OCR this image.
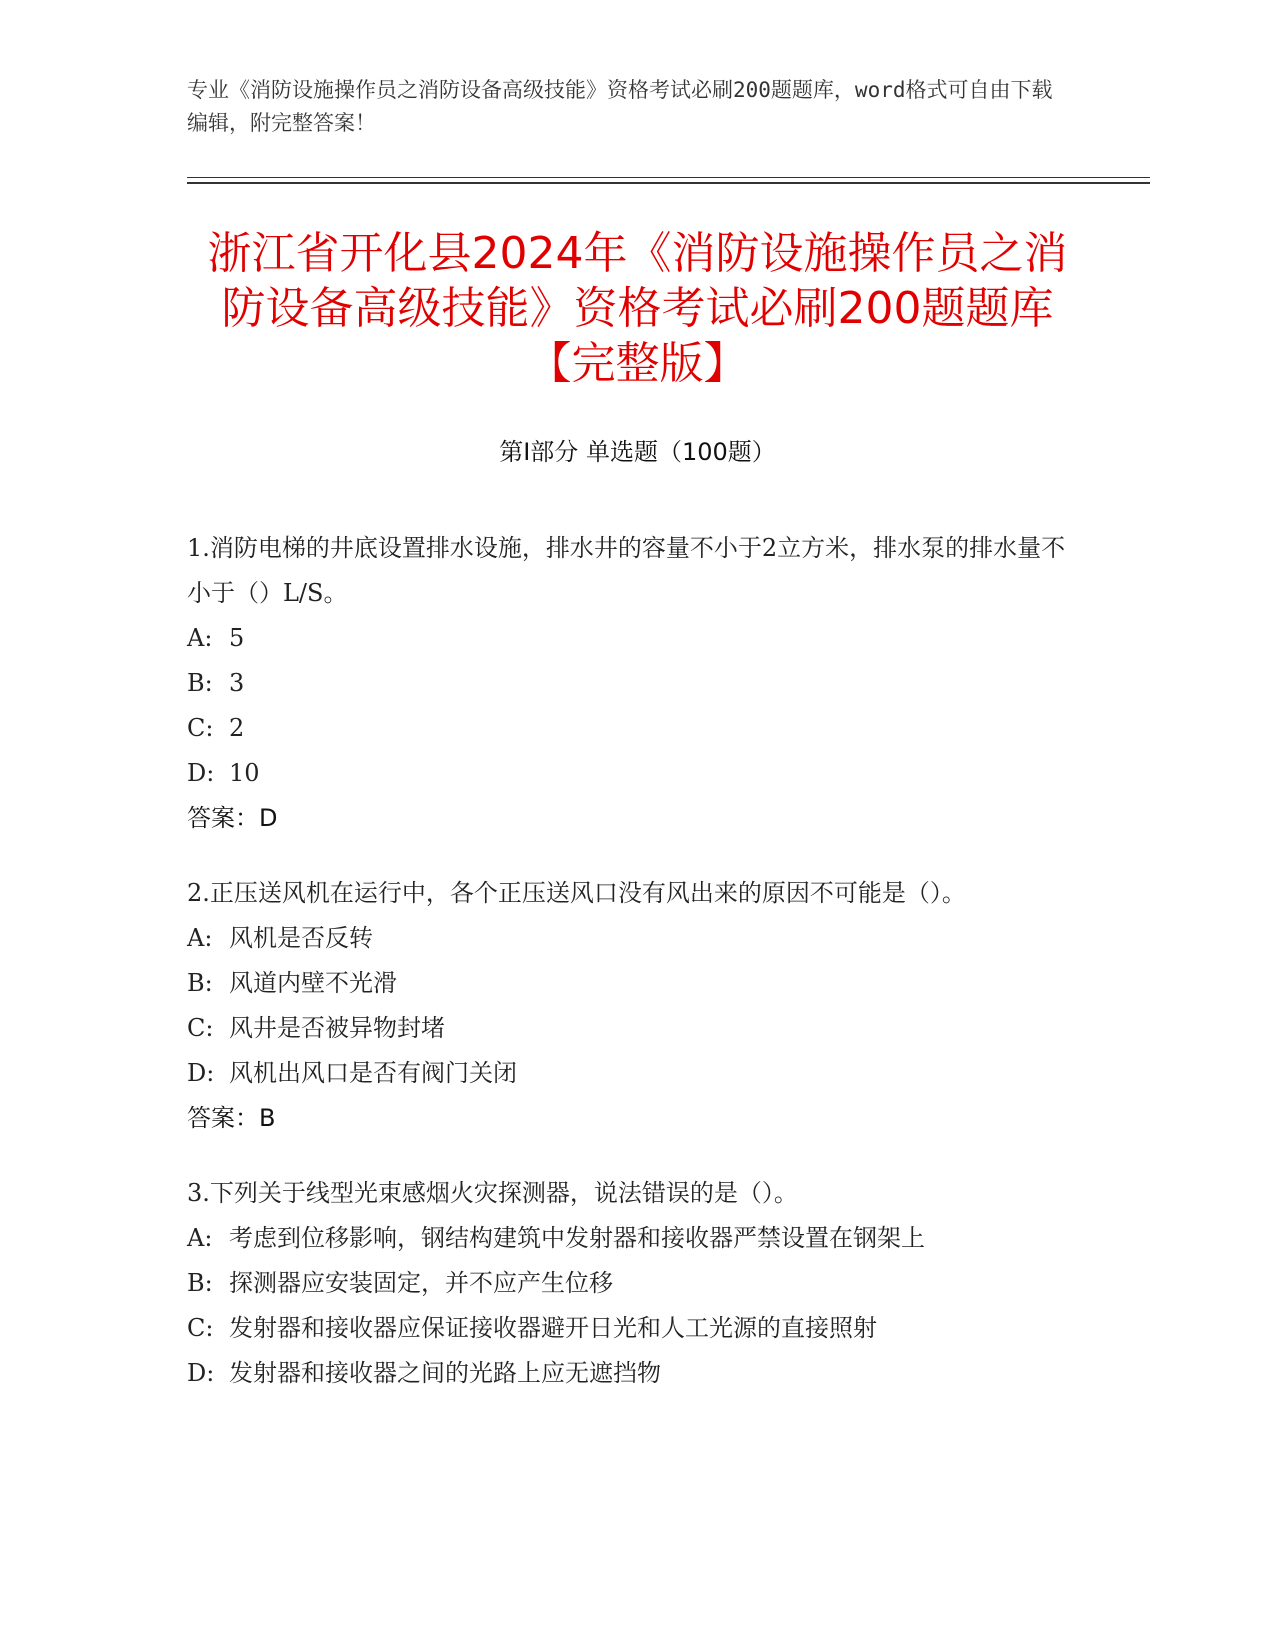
专业《消防设施操作员之消防设备高级技能》资格考试必刷200题题库，word格式可自由下载编辑，附完整答案！
浙江省开化县2024年《消防设施操作员之消
防设备高级技能》资格考试必刷200题题库
【完整版】
第Ⅰ部分 单选题（100题）

1.消防电梯的井底设置排水设施，排水井的容量不小于2立方米，排水泵的排水量不小于（）L/S。

A: 5

B: 3

C: 2

D: 10

答案：D

2.正压送风机在运行中，各个正压送风口没有风出来的原因不可能是（）。

A: 风机是否反转

B: 风道内壁不光滑

C: 风井是否被异物封堵

D: 风机出风口是否有阀门关闭

答案：B

3.下列关于线型光束感烟火灾探测器，说法错误的是（）。

A: 考虑到位移影响，钢结构建筑中发射器和接收器严禁设置在钢架上

B: 探测器应安装固定，并不应产生位移

C: 发射器和接收器应保证接收器避开日光和人工光源的直接照射

D: 发射器和接收器之间的光路上应无遮挡物
